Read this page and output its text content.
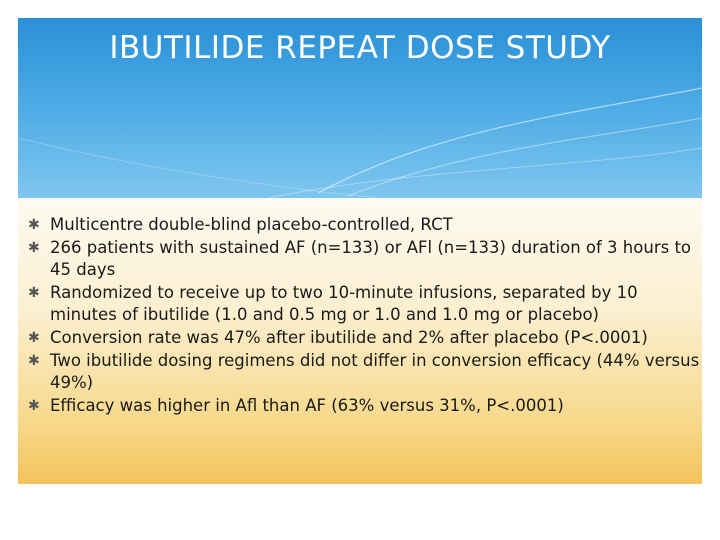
IBUTILIDE REPEAT DOSE STUDY
✱ Multicentre double-blind placebo-controlled, RCT
✱ 266 patients with sustained AF (n=133) or AFl (n=133) duration of 3 hours to 45 days
✱ Randomized to receive up to two 10-minute infusions, separated by 10 minutes of ibutilide (1.0 and 0.5 mg or 1.0 and 1.0 mg or placebo)
✱ Conversion rate was 47% after ibutilide and 2% after placebo (P<.0001)
✱ Two ibutilide dosing regimens did not differ in conversion efficacy (44% versus 49%)
✱ Efficacy was higher in Afl than AF (63% versus 31%, P<.0001)
